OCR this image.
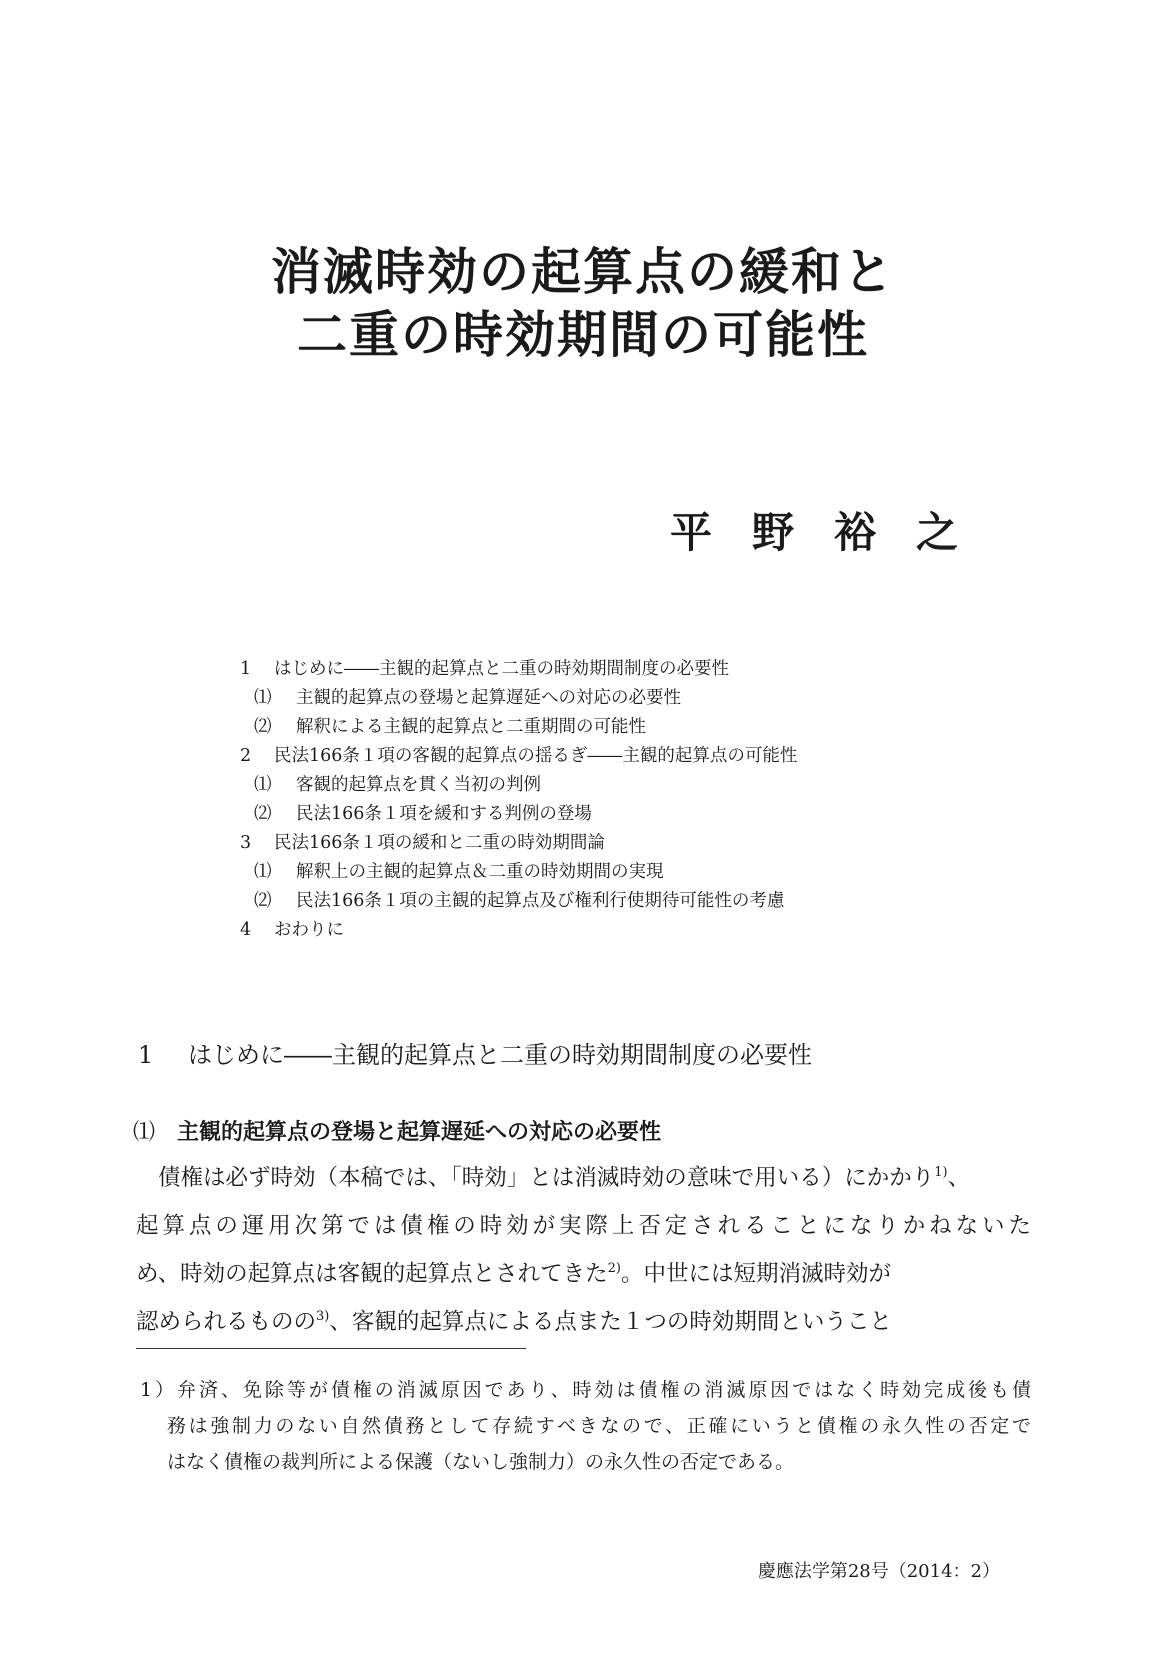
消滅時効の起算点の緩和と
二重の時効期間の可能性
平野裕之
1 はじめに――主観的起算点と二重の時効期間制度の必要性
⑴ 主観的起算点の登場と起算遅延への対応の必要性
⑵ 解釈による主観的起算点と二重期間の可能性
2 民法166条１項の客観的起算点の揺るぎ――主観的起算点の可能性
⑴ 客観的起算点を貫く当初の判例
⑵ 民法166条１項を緩和する判例の登場
3 民法166条１項の緩和と二重の時効期間論
⑴ 解釈上の主観的起算点＆二重の時効期間の実現
⑵ 民法166条１項の主観的起算点及び権利行使期待可能性の考慮
4 おわりに
1 はじめに――主観的起算点と二重の時効期間制度の必要性
⑴ 主観的起算点の登場と起算遅延への対応の必要性
債権は必ず時効（本稿では、「時効」とは消滅時効の意味で用いる）にかかり$^{1)}$、
起算点の運用次第では債権の時効が実際上否定されることになりかねないた
め、時効の起算点は客観的起算点とされてきた$^{2)}$。中世には短期消滅時効が
認められるものの$^{3)}$、客観的起算点による点また１つの時効期間ということ
1）弁済、免除等が債権の消滅原因であり、時効は債権の消滅原因ではなく時効完成後も債
務は強制力のない自然債務として存続すべきなので、正確にいうと債権の永久性の否定で
はなく債権の裁判所による保護（ないし強制力）の永久性の否定である。
慶應法学第28号（2014：2）
